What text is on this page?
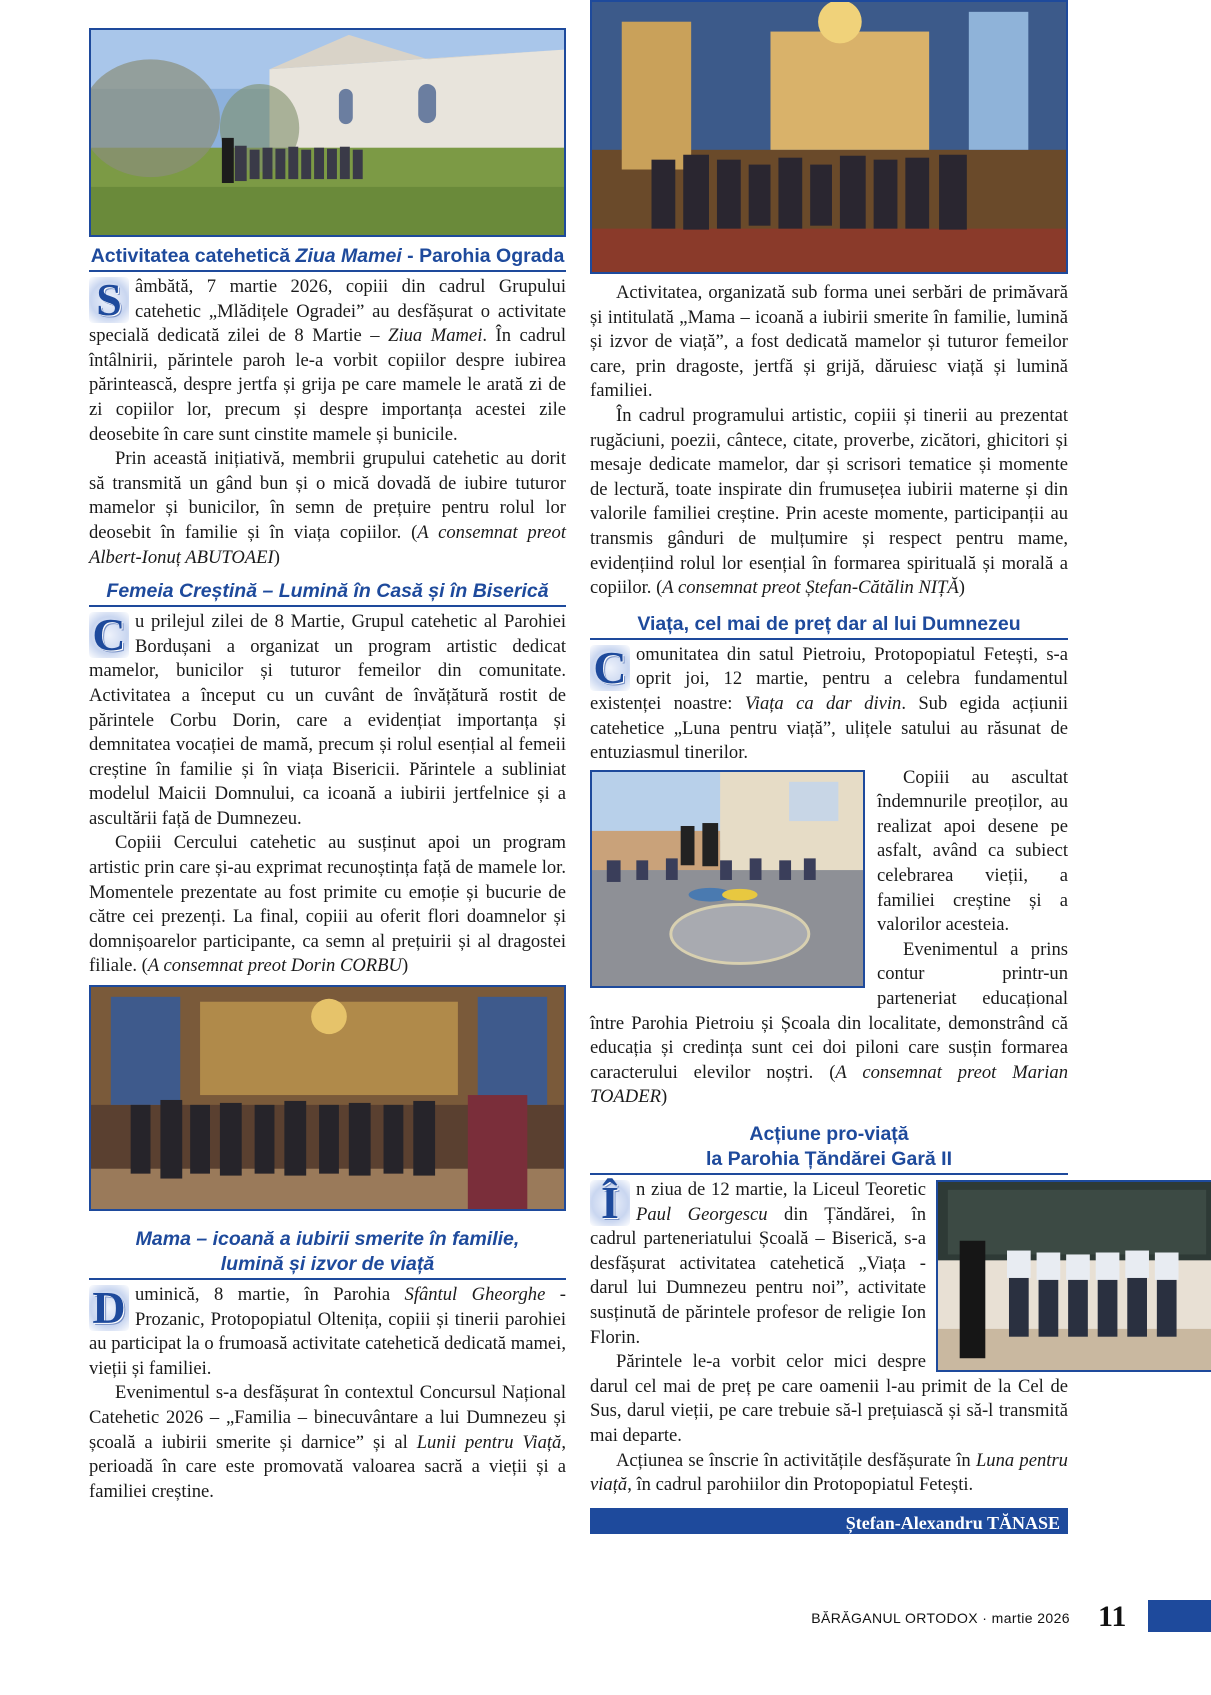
Activitatea catehetică Ziua Mamei - Parohia Ograda

S âmbătă, 7 martie 2026, copiii din cadrul Grupului catehetic „Mlădițele Ogradei” au desfășurat o activitate specială dedicată zilei de 8 Martie – Ziua Mamei. În cadrul întâlnirii, părintele paroh le-a vorbit copiilor despre iubirea părintească, despre jertfa și grija pe care mamele le arată zi de zi copiilor lor, precum și despre importanța acestei zile deosebite în care sunt cinstite mamele și bunicile.

Prin această inițiativă, membrii grupului catehetic au dorit să transmită un gând bun și o mică dovadă de iubire tuturor mamelor și bunicilor, în semn de prețuire pentru rolul lor deosebit în familie și în viața copiilor. (A consemnat preot Albert-Ionuț ABUTOAEI)

Femeia Creștină – Lumină în Casă și în Biserică

C u prilejul zilei de 8 Martie, Grupul catehetic al Parohiei Bordușani a organizat un program artistic dedicat mamelor, bunicilor și tuturor femeilor din comunitate. Activitatea a început cu un cuvânt de învățătură rostit de părintele Corbu Dorin, care a evidențiat importanța și demnitatea vocației de mamă, precum și rolul esențial al femeii creștine în familie și în viața Bisericii. Părintele a subliniat modelul Maicii Domnului, ca icoană a iubirii jertfelnice și a ascultării față de Dumnezeu.

Copiii Cercului catehetic au susținut apoi un program artistic prin care și-au exprimat recunoștința față de mamele lor. Momentele prezentate au fost primite cu emoție și bucurie de către cei prezenți. La final, copiii au oferit flori doamnelor și domnișoarelor participante, ca semn al prețuirii și al dragostei filiale. (A consemnat preot Dorin CORBU)

Mama – icoană a iubirii smerite în familie,
lumină și izvor de viață

D uminică, 8 martie, în Parohia Sfântul Gheorghe - Prozanic, Protopopiatul Oltenița, copiii și tinerii parohiei au participat la o frumoasă activitate catehetică dedicată mamei, vieții și familiei.

Evenimentul s-a desfășurat în contextul Concursul Național Catehetic 2026 – „Familia – binecuvântare a lui Dumnezeu și școală a iubirii smerite și darnice” și al Lunii pentru Viață, perioadă în care este promovată valoarea sacră a vieții și a familiei creștine.

Activitatea, organizată sub forma unei serbări de primăvară și intitulată „Mama – icoană a iubirii smerite în familie, lumină și izvor de viață”, a fost dedicată mamelor și tuturor femeilor care, prin dragoste, jertfă și grijă, dăruiesc viață și lumină familiei.

În cadrul programului artistic, copiii și tinerii au prezentat rugăciuni, poezii, cântece, citate, proverbe, zicători, ghicitori și mesaje dedicate mamelor, dar și scrisori tematice și momente de lectură, toate inspirate din frumusețea iubirii materne și din valorile familiei creștine. Prin aceste momente, participanții au transmis gânduri de mulțumire și respect pentru mame, evidențiind rolul lor esențial în formarea spirituală și morală a copiilor. (A consemnat preot Ștefan-Cătălin NIȚĂ)

Viața, cel mai de preț dar al lui Dumnezeu

C omunitatea din satul Pietroiu, Protopopiatul Fetești, s-a oprit joi, 12 martie, pentru a celebra fundamentul existenței noastre: Viața ca dar divin. Sub egida acțiunii catehetice „Luna pentru viață”, ulițele satului au răsunat de entuziasmul tinerilor.

Copiii au ascultat îndemnurile preoților, au realizat apoi desene pe asfalt, având ca subiect celebrarea vieții, a familiei creștine și a valorilor acesteia.

Evenimentul a prins contur printr-un parteneriat educațional între Parohia Pietroiu și Școala din localitate, demonstrând că educația și credința sunt cei doi piloni care susțin formarea caracterului elevilor noștri. (A consemnat preot Marian TOADER)

Acțiune pro-viață
la Parohia Țăndărei Gară II

Î n ziua de 12 martie, la Liceul Teoretic Paul Georgescu din Țăndărei, în cadrul parteneriatului Școală – Biserică, s-a desfășurat activitatea catehetică „Viața - darul lui Dumnezeu pentru noi”, activitate susținută de părintele profesor de religie Ion Florin.

Părintele le-a vorbit celor mici despre darul cel mai de preț pe care oamenii l-au primit de la Cel de Sus, darul vieții, pe care trebuie să-l prețuiască și să-l transmită mai departe.

Acțiunea se înscrie în activitățile desfășurate în Luna pentru viață, în cadrul parohiilor din Protopopiatul Fetești.

Ștefan-Alexandru TĂNASE
BĂRĂGANUL ORTODOX · martie 2026 11
